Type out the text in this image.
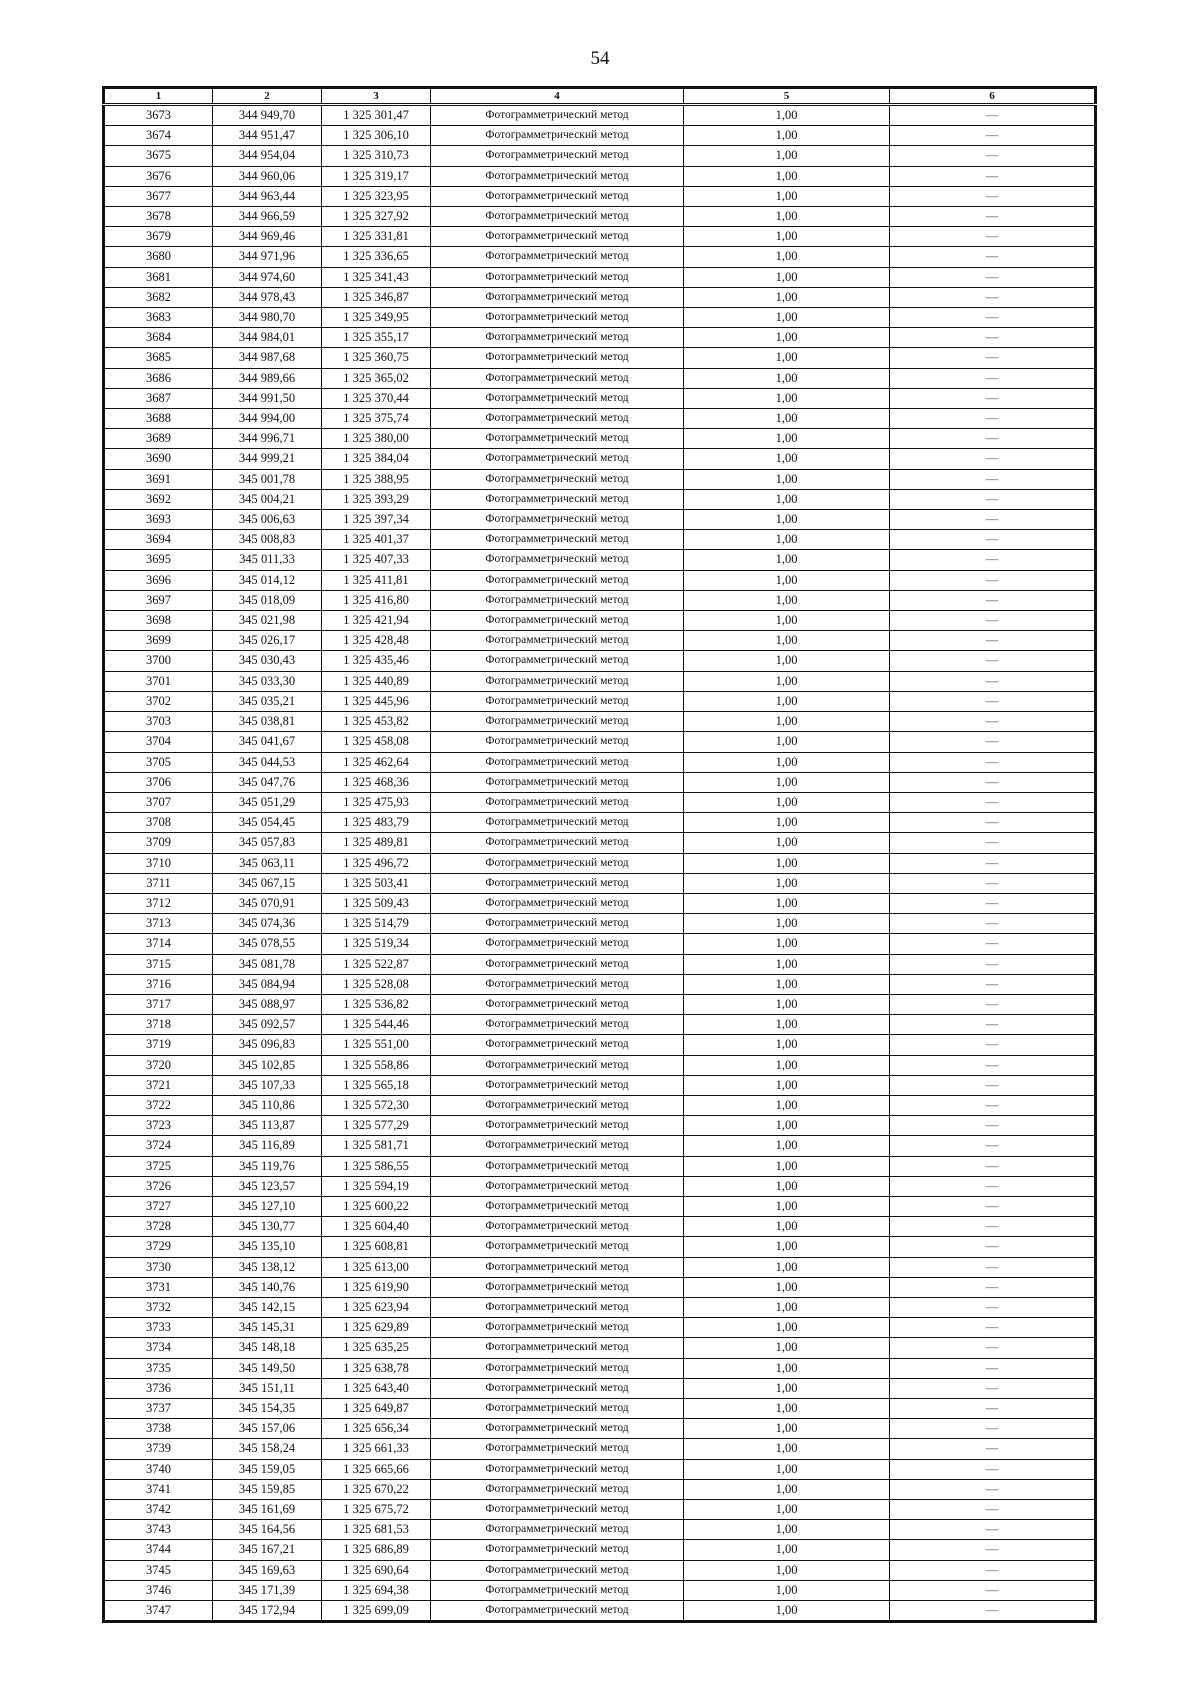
54
1	2	3	4	5	6
3673	344 949,70	1 325 301,47	Фотограмметрический метод	1,00	—
3674	344 951,47	1 325 306,10	Фотограмметрический метод	1,00	—
3675	344 954,04	1 325 310,73	Фотограмметрический метод	1,00	—
3676	344 960,06	1 325 319,17	Фотограмметрический метод	1,00	—
3677	344 963,44	1 325 323,95	Фотограмметрический метод	1,00	—
3678	344 966,59	1 325 327,92	Фотограмметрический метод	1,00	—
3679	344 969,46	1 325 331,81	Фотограмметрический метод	1,00	—
3680	344 971,96	1 325 336,65	Фотограмметрический метод	1,00	—
3681	344 974,60	1 325 341,43	Фотограмметрический метод	1,00	—
3682	344 978,43	1 325 346,87	Фотограмметрический метод	1,00	—
3683	344 980,70	1 325 349,95	Фотограмметрический метод	1,00	—
3684	344 984,01	1 325 355,17	Фотограмметрический метод	1,00	—
3685	344 987,68	1 325 360,75	Фотограмметрический метод	1,00	—
3686	344 989,66	1 325 365,02	Фотограмметрический метод	1,00	—
3687	344 991,50	1 325 370,44	Фотограмметрический метод	1,00	—
3688	344 994,00	1 325 375,74	Фотограмметрический метод	1,00	—
3689	344 996,71	1 325 380,00	Фотограмметрический метод	1,00	—
3690	344 999,21	1 325 384,04	Фотограмметрический метод	1,00	—
3691	345 001,78	1 325 388,95	Фотограмметрический метод	1,00	—
3692	345 004,21	1 325 393,29	Фотограмметрический метод	1,00	—
3693	345 006,63	1 325 397,34	Фотограмметрический метод	1,00	—
3694	345 008,83	1 325 401,37	Фотограмметрический метод	1,00	—
3695	345 011,33	1 325 407,33	Фотограмметрический метод	1,00	—
3696	345 014,12	1 325 411,81	Фотограмметрический метод	1,00	—
3697	345 018,09	1 325 416,80	Фотограмметрический метод	1,00	—
3698	345 021,98	1 325 421,94	Фотограмметрический метод	1,00	—
3699	345 026,17	1 325 428,48	Фотограмметрический метод	1,00	—
3700	345 030,43	1 325 435,46	Фотограмметрический метод	1,00	—
3701	345 033,30	1 325 440,89	Фотограмметрический метод	1,00	—
3702	345 035,21	1 325 445,96	Фотограмметрический метод	1,00	—
3703	345 038,81	1 325 453,82	Фотограмметрический метод	1,00	—
3704	345 041,67	1 325 458,08	Фотограмметрический метод	1,00	—
3705	345 044,53	1 325 462,64	Фотограмметрический метод	1,00	—
3706	345 047,76	1 325 468,36	Фотограмметрический метод	1,00	—
3707	345 051,29	1 325 475,93	Фотограмметрический метод	1,00	—
3708	345 054,45	1 325 483,79	Фотограмметрический метод	1,00	—
3709	345 057,83	1 325 489,81	Фотограмметрический метод	1,00	—
3710	345 063,11	1 325 496,72	Фотограмметрический метод	1,00	—
3711	345 067,15	1 325 503,41	Фотограмметрический метод	1,00	—
3712	345 070,91	1 325 509,43	Фотограмметрический метод	1,00	—
3713	345 074,36	1 325 514,79	Фотограмметрический метод	1,00	—
3714	345 078,55	1 325 519,34	Фотограмметрический метод	1,00	—
3715	345 081,78	1 325 522,87	Фотограмметрический метод	1,00	—
3716	345 084,94	1 325 528,08	Фотограмметрический метод	1,00	—
3717	345 088,97	1 325 536,82	Фотограмметрический метод	1,00	—
3718	345 092,57	1 325 544,46	Фотограмметрический метод	1,00	—
3719	345 096,83	1 325 551,00	Фотограмметрический метод	1,00	—
3720	345 102,85	1 325 558,86	Фотограмметрический метод	1,00	—
3721	345 107,33	1 325 565,18	Фотограмметрический метод	1,00	—
3722	345 110,86	1 325 572,30	Фотограмметрический метод	1,00	—
3723	345 113,87	1 325 577,29	Фотограмметрический метод	1,00	—
3724	345 116,89	1 325 581,71	Фотограмметрический метод	1,00	—
3725	345 119,76	1 325 586,55	Фотограмметрический метод	1,00	—
3726	345 123,57	1 325 594,19	Фотограмметрический метод	1,00	—
3727	345 127,10	1 325 600,22	Фотограмметрический метод	1,00	—
3728	345 130,77	1 325 604,40	Фотограмметрический метод	1,00	—
3729	345 135,10	1 325 608,81	Фотограмметрический метод	1,00	—
3730	345 138,12	1 325 613,00	Фотограмметрический метод	1,00	—
3731	345 140,76	1 325 619,90	Фотограмметрический метод	1,00	—
3732	345 142,15	1 325 623,94	Фотограмметрический метод	1,00	—
3733	345 145,31	1 325 629,89	Фотограмметрический метод	1,00	—
3734	345 148,18	1 325 635,25	Фотограмметрический метод	1,00	—
3735	345 149,50	1 325 638,78	Фотограмметрический метод	1,00	—
3736	345 151,11	1 325 643,40	Фотограмметрический метод	1,00	—
3737	345 154,35	1 325 649,87	Фотограмметрический метод	1,00	—
3738	345 157,06	1 325 656,34	Фотограмметрический метод	1,00	—
3739	345 158,24	1 325 661,33	Фотограмметрический метод	1,00	—
3740	345 159,05	1 325 665,66	Фотограмметрический метод	1,00	—
3741	345 159,85	1 325 670,22	Фотограмметрический метод	1,00	—
3742	345 161,69	1 325 675,72	Фотограмметрический метод	1,00	—
3743	345 164,56	1 325 681,53	Фотограмметрический метод	1,00	—
3744	345 167,21	1 325 686,89	Фотограмметрический метод	1,00	—
3745	345 169,63	1 325 690,64	Фотограмметрический метод	1,00	—
3746	345 171,39	1 325 694,38	Фотограмметрический метод	1,00	—
3747	345 172,94	1 325 699,09	Фотограмметрический метод	1,00	—
